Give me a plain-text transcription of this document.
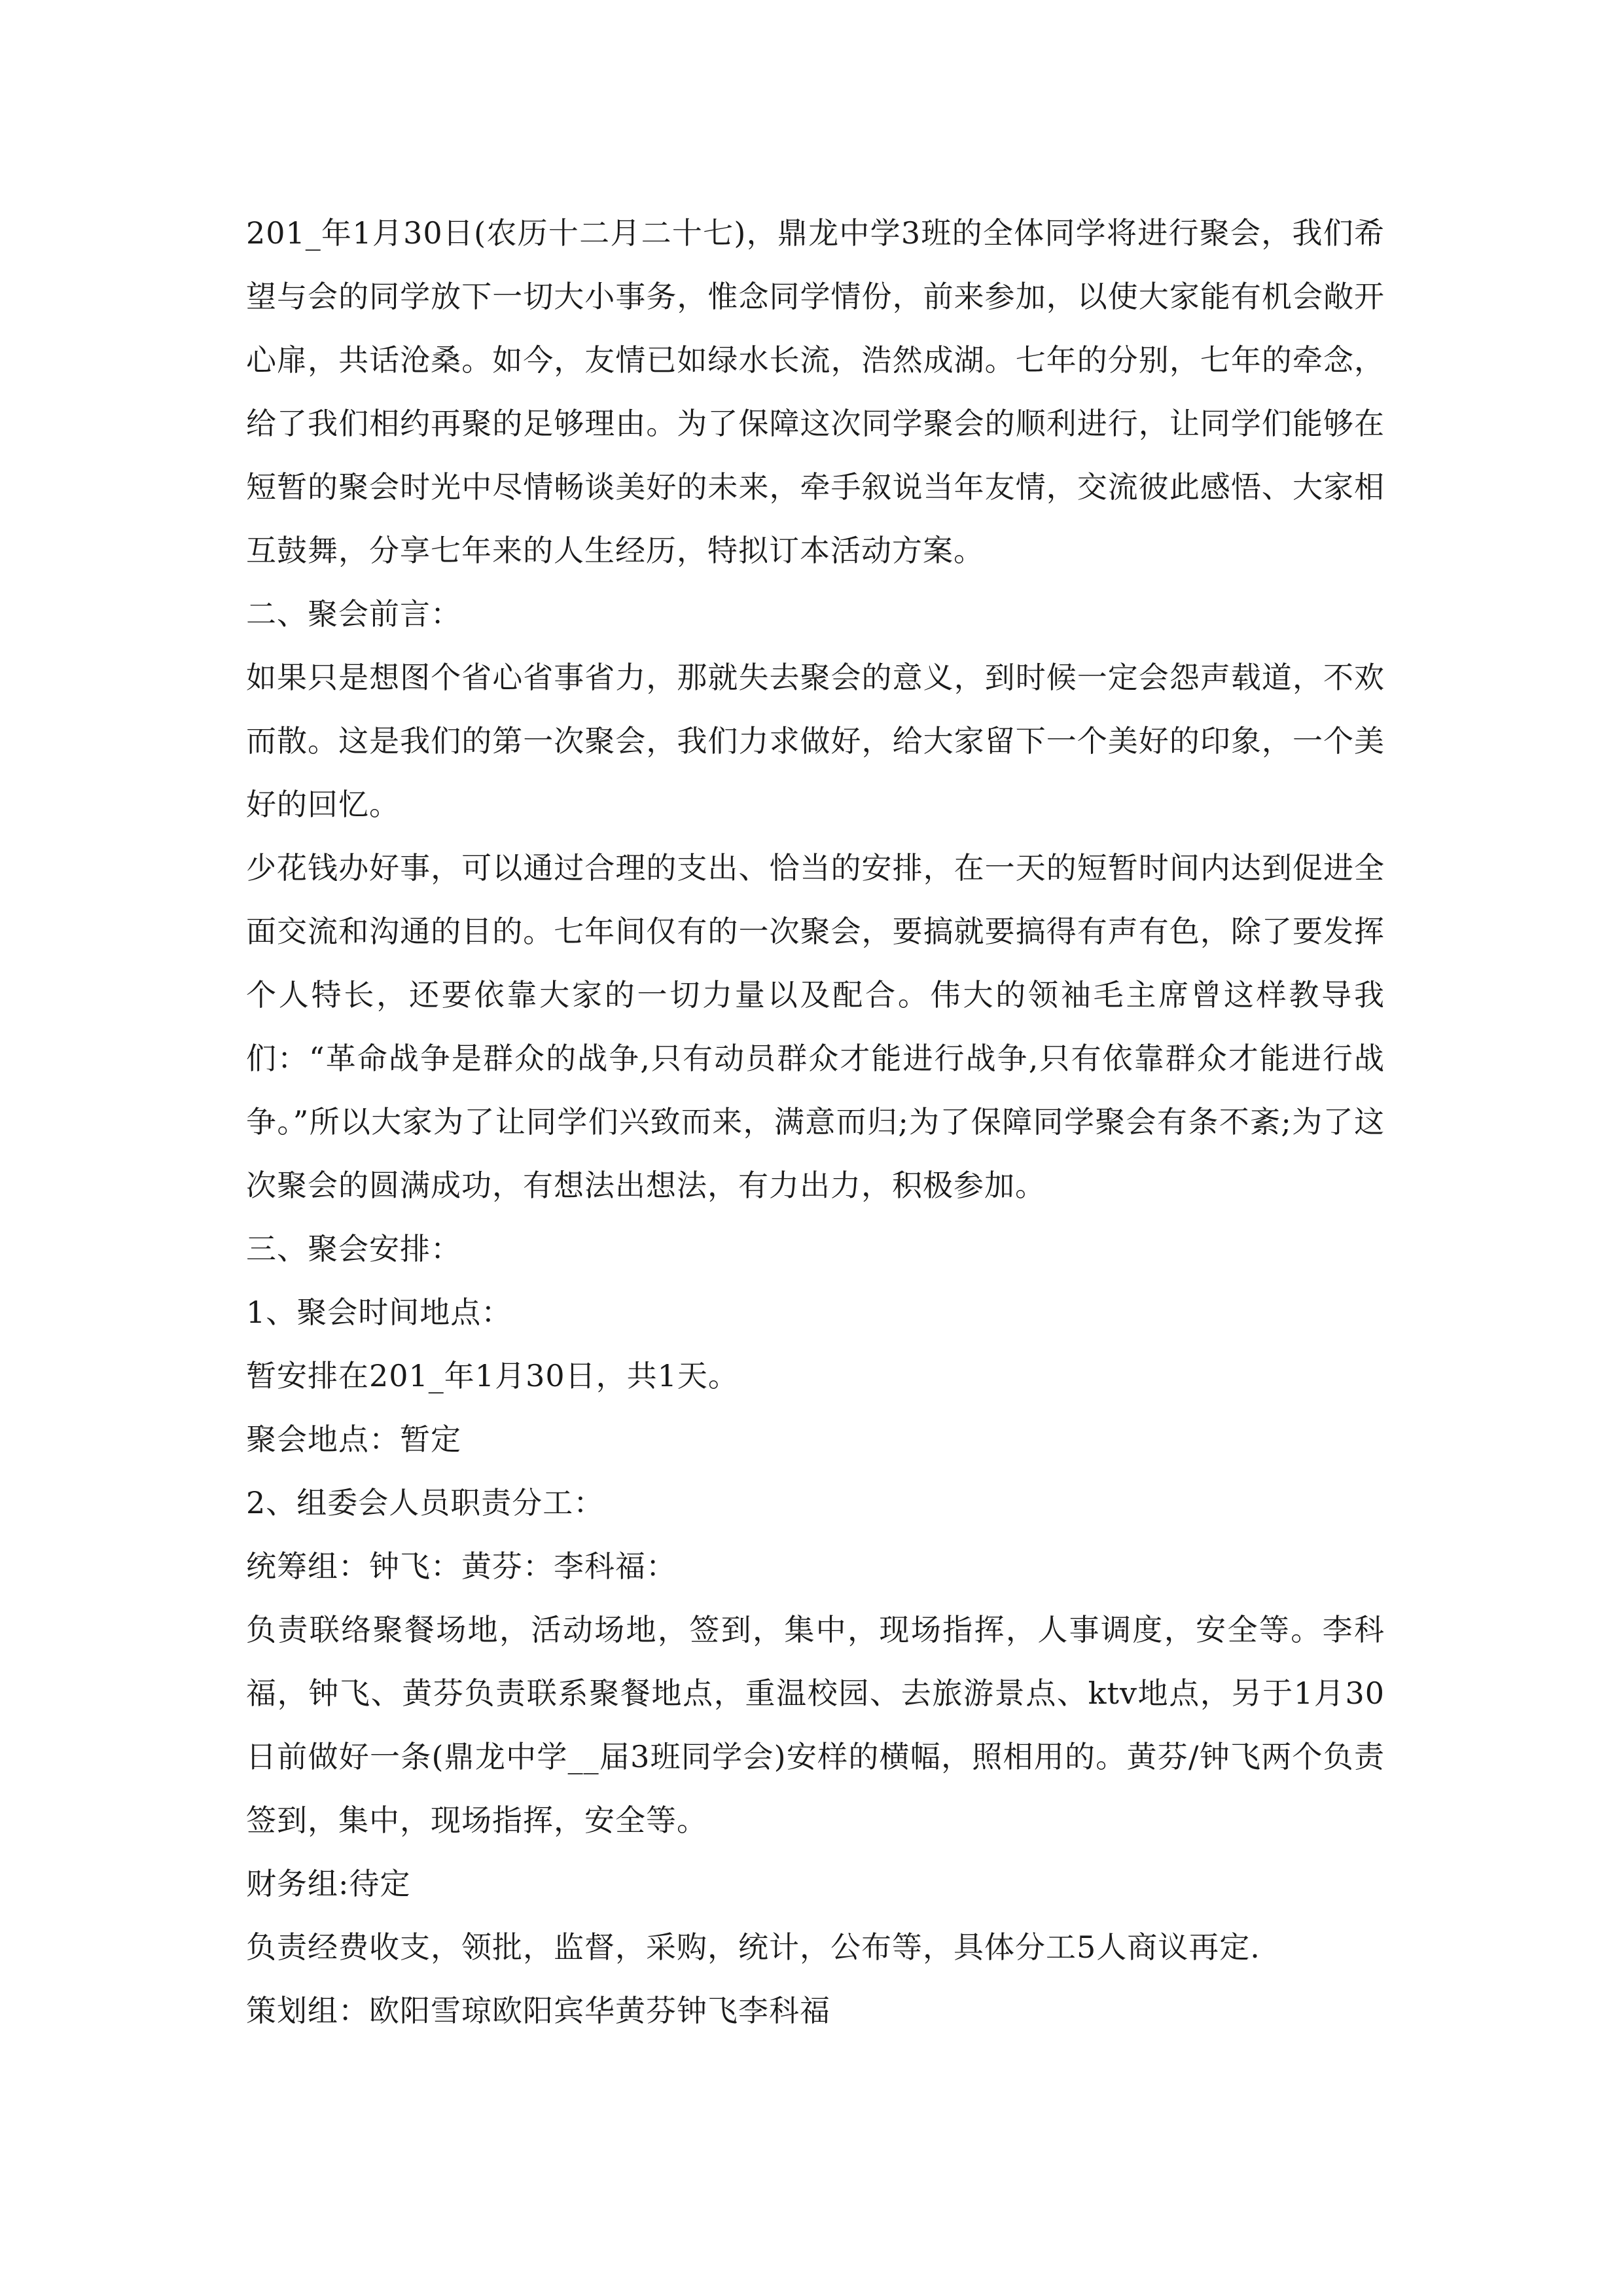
201_年1月30日(农历十二月二十七)，鼎龙中学3班的全体同学将进行聚会，我们希望与会的同学放下一切大小事务，惟念同学情份，前来参加，以使大家能有机会敞开心扉，共话沧桑。如今，友情已如绿水长流，浩然成湖。七年的分别，七年的牵念，给了我们相约再聚的足够理由。为了保障这次同学聚会的顺利进行，让同学们能够在短暂的聚会时光中尽情畅谈美好的未来，牵手叙说当年友情，交流彼此感悟、大家相互鼓舞，分享七年来的人生经历，特拟订本活动方案。

二、聚会前言：

如果只是想图个省心省事省力，那就失去聚会的意义，到时候一定会怨声载道，不欢而散。这是我们的第一次聚会，我们力求做好，给大家留下一个美好的印象，一个美好的回忆。

少花钱办好事，可以通过合理的支出、恰当的安排，在一天的短暂时间内达到促进全面交流和沟通的目的。七年间仅有的一次聚会，要搞就要搞得有声有色，除了要发挥个人特长，还要依靠大家的一切力量以及配合。伟大的领袖毛主席曾这样教导我们：“革命战争是群众的战争,只有动员群众才能进行战争,只有依靠群众才能进行战争。”所以大家为了让同学们兴致而来，满意而归;为了保障同学聚会有条不紊;为了这次聚会的圆满成功，有想法出想法，有力出力，积极参加。

三、聚会安排：

1、聚会时间地点：

暂安排在201_年1月30日，共1天。

聚会地点：暂定

2、组委会人员职责分工：

统筹组：钟飞：黄芬：李科福：

负责联络聚餐场地，活动场地，签到，集中，现场指挥，人事调度，安全等。李科福，钟飞、黄芬负责联系聚餐地点，重温校园、去旅游景点、ktv地点，另于1月30日前做好一条(鼎龙中学__届3班同学会)安样的横幅，照相用的。黄芬/钟飞两个负责签到，集中，现场指挥，安全等。

财务组:待定

负责经费收支，领批，监督，采购，统计，公布等，具体分工5人商议再定.

策划组：欧阳雪琼欧阳宾华黄芬钟飞李科福
